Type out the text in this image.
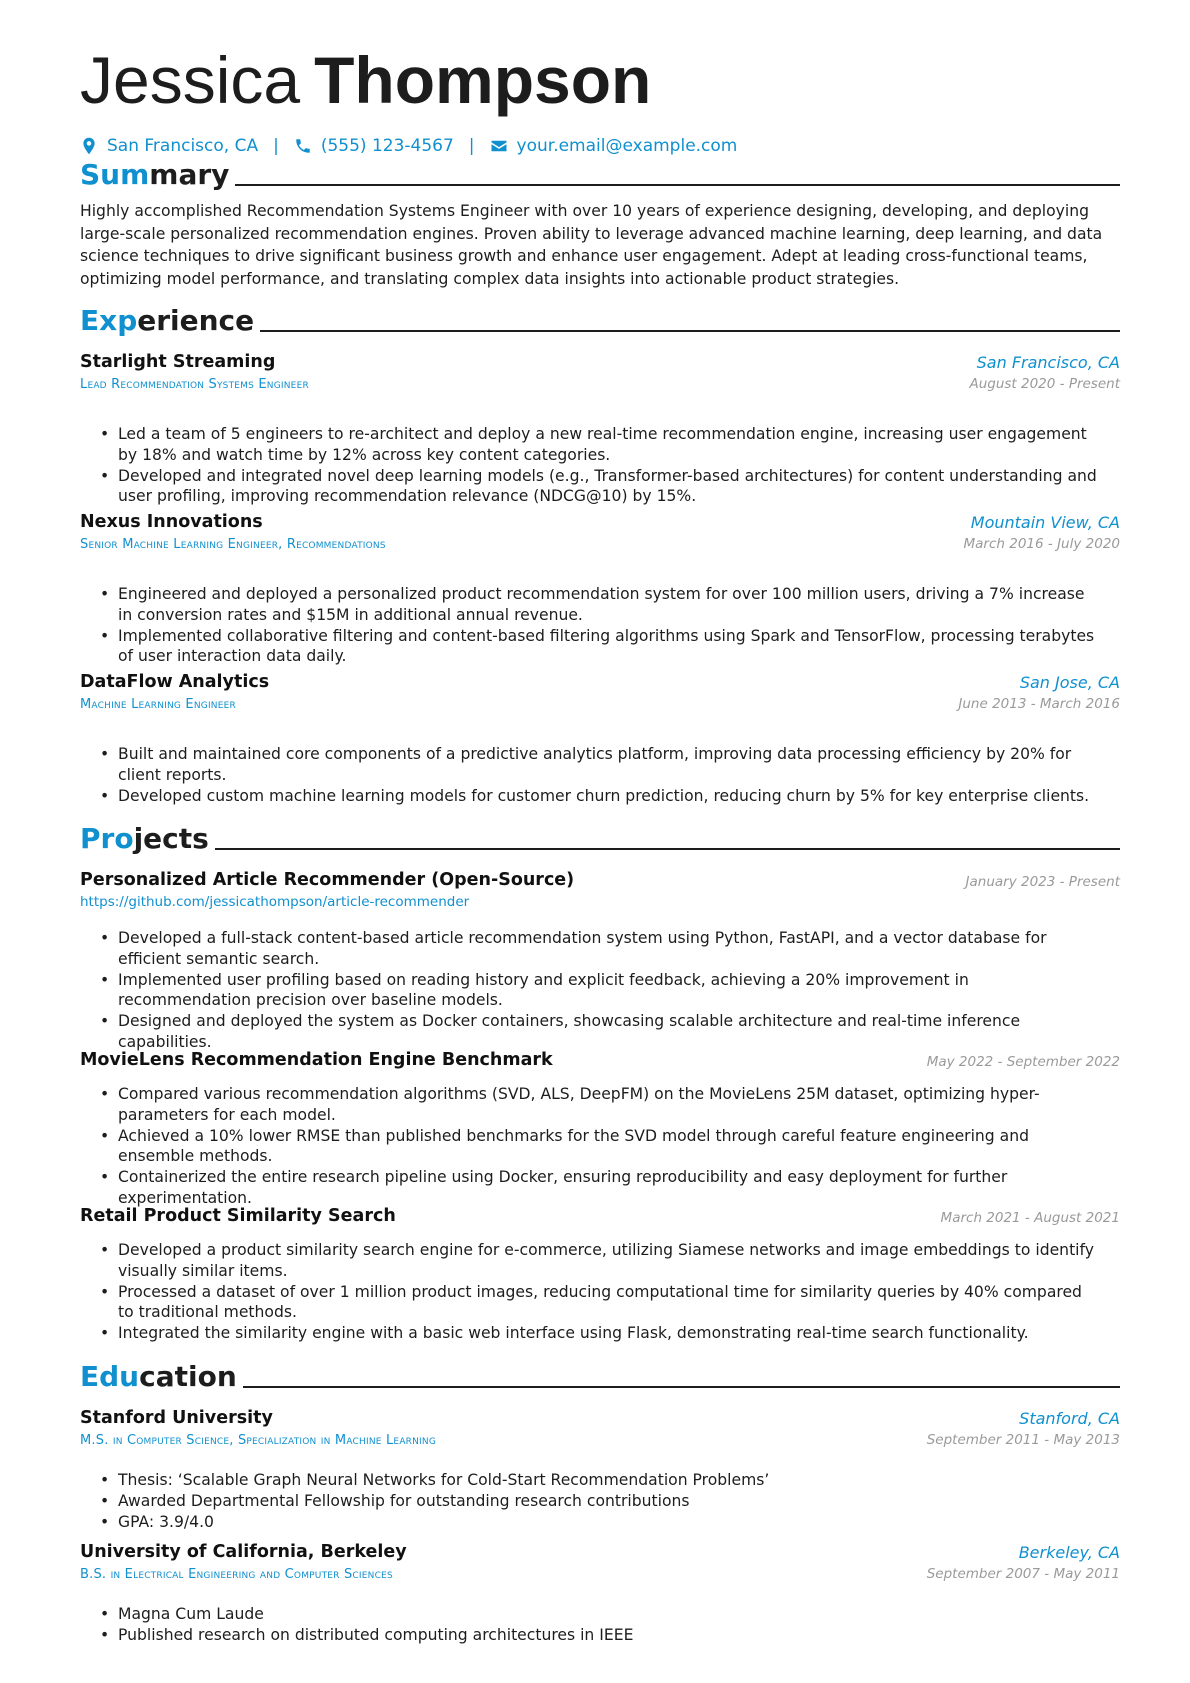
Jessica Thompson
San Francisco, CA | (555) 123-4567 | your.email@example.com
Summary
Highly accomplished Recommendation Systems Engineer with over 10 years of experience designing, developing, and deploying large-scale personalized recommendation engines. Proven ability to leverage advanced machine learning, deep learning, and data science techniques to drive significant business growth and enhance user engagement. Adept at leading cross-functional teams, optimizing model performance, and translating complex data insights into actionable product strategies.
Experience
Starlight Streaming	San Francisco, CA
Lead Recommendation Systems Engineer	August 2020 - Present
• Led a team of 5 engineers to re-architect and deploy a new real-time recommendation engine, increasing user engagement by 18% and watch time by 12% across key content categories.
• Developed and integrated novel deep learning models (e.g., Transformer-based architectures) for content understanding and user profiling, improving recommendation relevance (NDCG@10) by 15%.
Nexus Innovations	Mountain View, CA
Senior Machine Learning Engineer, Recommendations	March 2016 - July 2020
• Engineered and deployed a personalized product recommendation system for over 100 million users, driving a 7% increase in conversion rates and $15M in additional annual revenue.
• Implemented collaborative filtering and content-based filtering algorithms using Spark and TensorFlow, processing terabytes of user interaction data daily.
DataFlow Analytics	San Jose, CA
Machine Learning Engineer	June 2013 - March 2016
• Built and maintained core components of a predictive analytics platform, improving data processing efficiency by 20% for client reports.
• Developed custom machine learning models for customer churn prediction, reducing churn by 5% for key enterprise clients.
Projects
Personalized Article Recommender (Open-Source)	January 2023 - Present
https://github.com/jessicathompson/article-recommender
• Developed a full-stack content-based article recommendation system using Python, FastAPI, and a vector database for efficient semantic search.
• Implemented user profiling based on reading history and explicit feedback, achieving a 20% improvement in recommendation precision over baseline models.
• Designed and deployed the system as Docker containers, showcasing scalable architecture and real-time inference capabilities.
MovieLens Recommendation Engine Benchmark	May 2022 - September 2022
• Compared various recommendation algorithms (SVD, ALS, DeepFM) on the MovieLens 25M dataset, optimizing hyper-parameters for each model.
• Achieved a 10% lower RMSE than published benchmarks for the SVD model through careful feature engineering and ensemble methods.
• Containerized the entire research pipeline using Docker, ensuring reproducibility and easy deployment for further experimentation.
Retail Product Similarity Search	March 2021 - August 2021
• Developed a product similarity search engine for e-commerce, utilizing Siamese networks and image embeddings to identify visually similar items.
• Processed a dataset of over 1 million product images, reducing computational time for similarity queries by 40% compared to traditional methods.
• Integrated the similarity engine with a basic web interface using Flask, demonstrating real-time search functionality.
Education
Stanford University	Stanford, CA
M.S. in Computer Science, Specialization in Machine Learning	September 2011 - May 2013
• Thesis: ‘Scalable Graph Neural Networks for Cold-Start Recommendation Problems’
• Awarded Departmental Fellowship for outstanding research contributions
• GPA: 3.9/4.0
University of California, Berkeley	Berkeley, CA
B.S. in Electrical Engineering and Computer Sciences	September 2007 - May 2011
• Magna Cum Laude
• Published research on distributed computing architectures in IEEE
